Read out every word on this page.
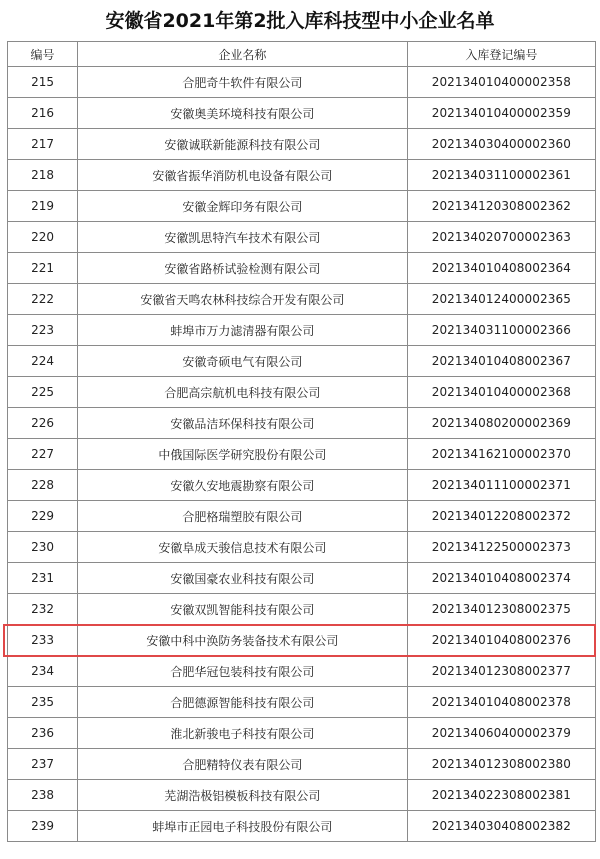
安徽省2021年第2批入库科技型中小企业名单
编号	企业名称	入库登记编号
215	合肥奇牛软件有限公司	202134010400002358
216	安徽奥美环境科技有限公司	202134010400002359
217	安徽诚联新能源科技有限公司	202134030400002360
218	安徽省振华消防机电设备有限公司	202134031100002361
219	安徽金辉印务有限公司	202134120308002362
220	安徽凯思特汽车技术有限公司	202134020700002363
221	安徽省路桥试验检测有限公司	202134010408002364
222	安徽省天鸣农林科技综合开发有限公司	202134012400002365
223	蚌埠市万力滤清器有限公司	202134031100002366
224	安徽奇硕电气有限公司	202134010408002367
225	合肥高宗航机电科技有限公司	202134010400002368
226	安徽品洁环保科技有限公司	202134080200002369
227	中俄国际医学研究股份有限公司	202134162100002370
228	安徽久安地震勘察有限公司	202134011100002371
229	合肥格瑞塑胶有限公司	202134012208002372
230	安徽阜成天骏信息技术有限公司	202134122500002373
231	安徽国豪农业科技有限公司	202134010408002374
232	安徽双凯智能科技有限公司	202134012308002375
233	安徽中科中涣防务装备技术有限公司	202134010408002376
234	合肥华冠包装科技有限公司	202134012308002377
235	合肥德源智能科技有限公司	202134010408002378
236	淮北新骏电子科技有限公司	202134060400002379
237	合肥精特仪表有限公司	202134012308002380
238	芜湖浩极铝模板科技有限公司	202134022308002381
239	蚌埠市正园电子科技股份有限公司	202134030408002382
